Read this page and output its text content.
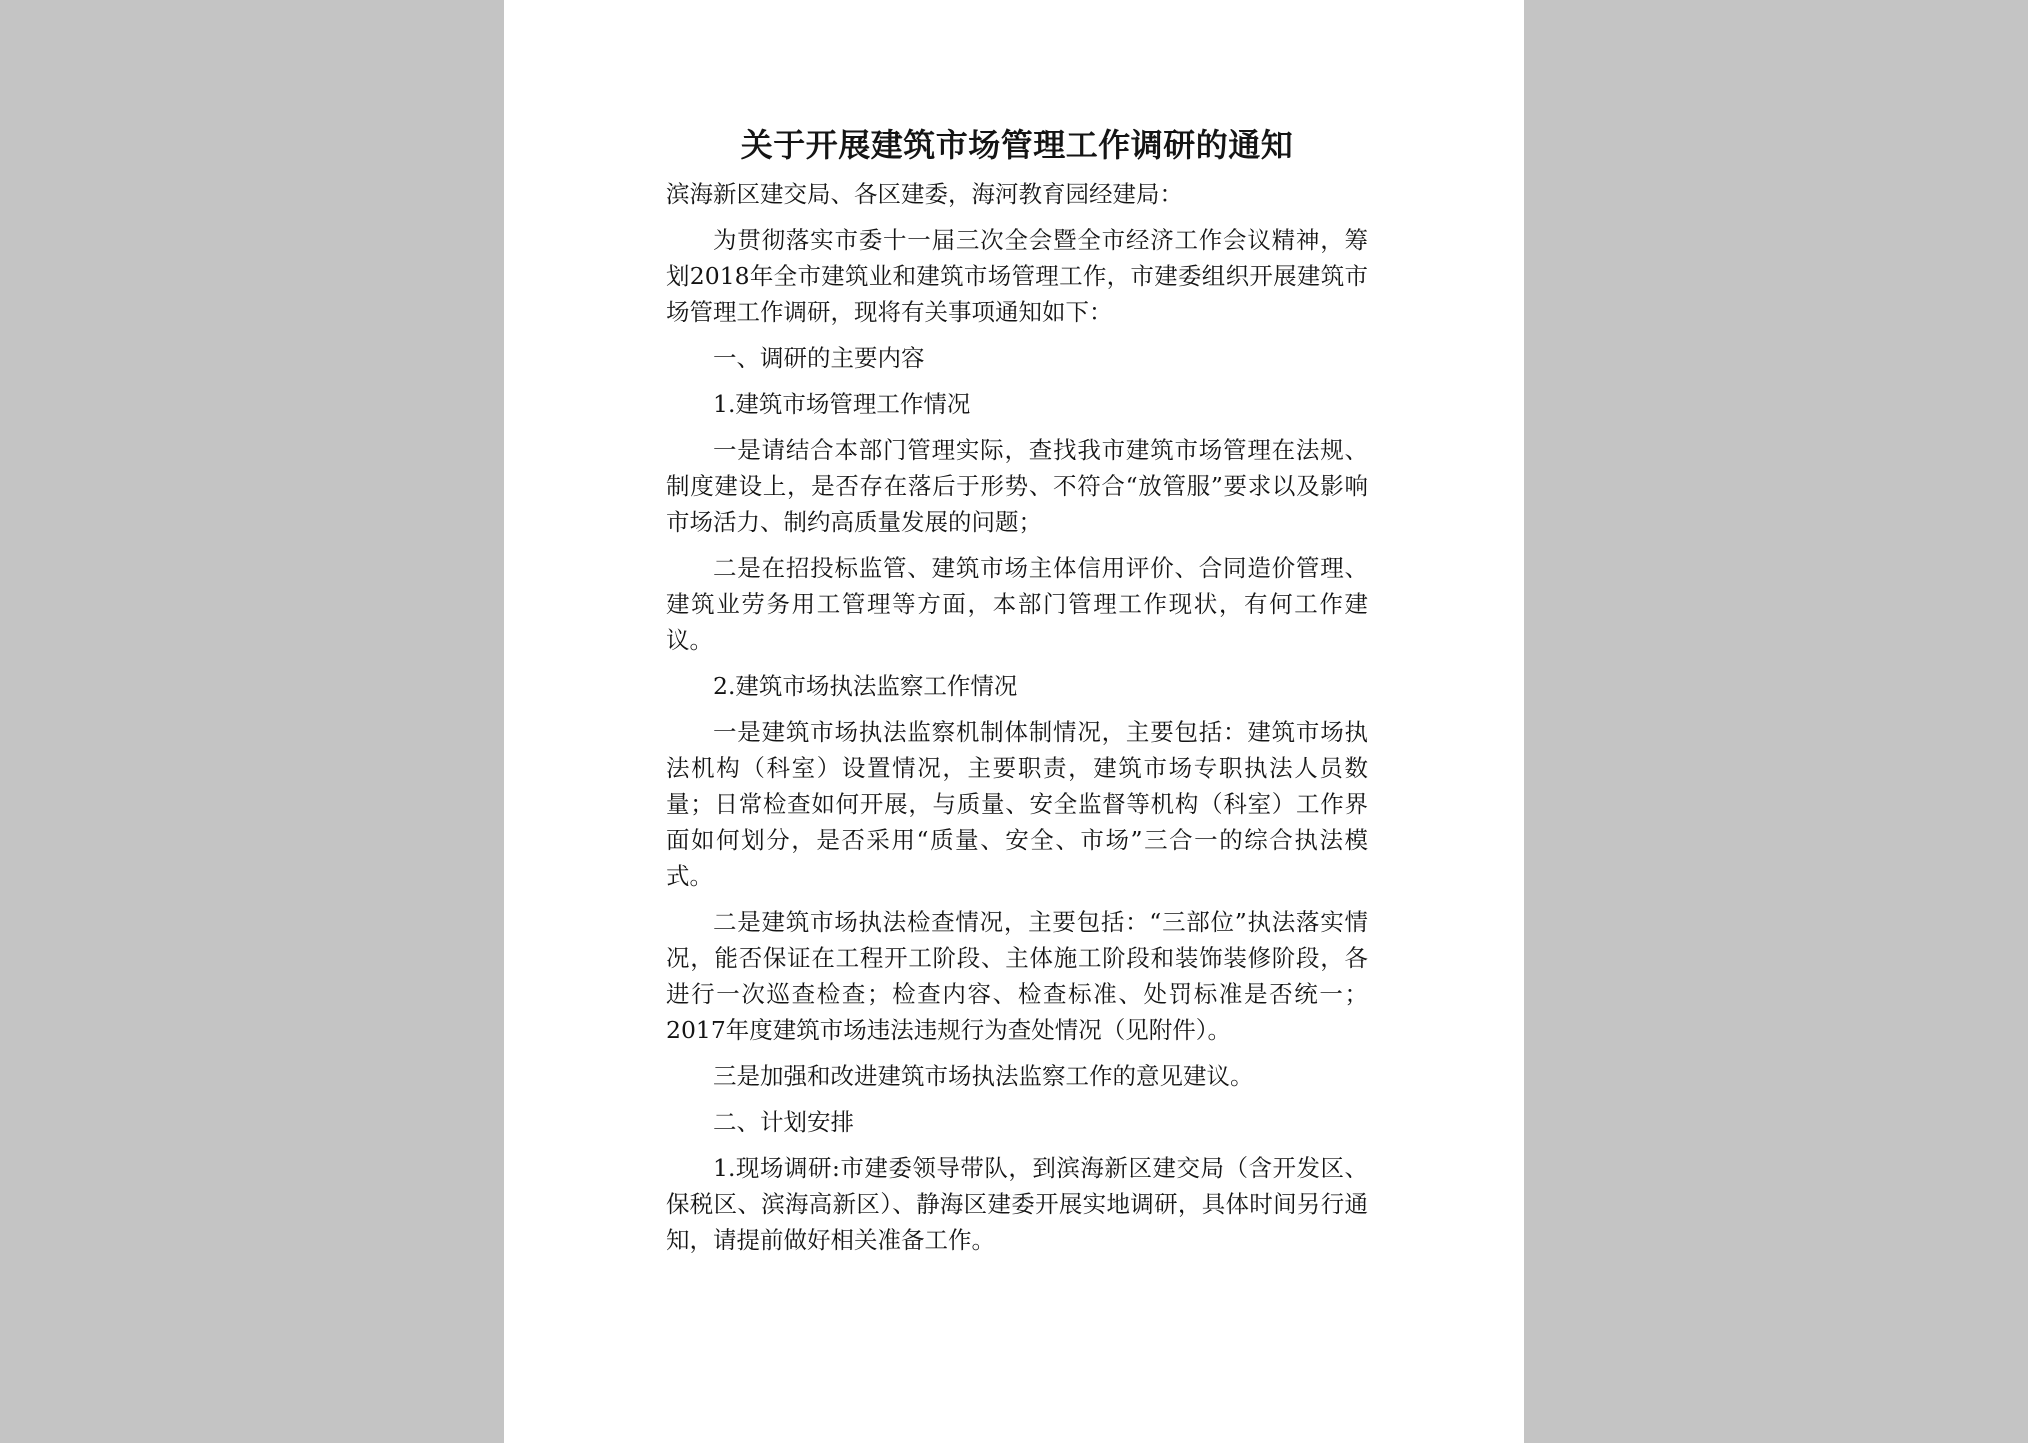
关于开展建筑市场管理工作调研的通知
滨海新区建交局、各区建委，海河教育园经建局：
为贯彻落实市委十一届三次全会暨全市经济工作会议精神，筹划2018年全市建筑业和建筑市场管理工作，市建委组织开展建筑市场管理工作调研，现将有关事项通知如下：
一、调研的主要内容
1.建筑市场管理工作情况
一是请结合本部门管理实际，查找我市建筑市场管理在法规、制度建设上，是否存在落后于形势、不符合“放管服”要求以及影响市场活力、制约高质量发展的问题；
二是在招投标监管、建筑市场主体信用评价、合同造价管理、建筑业劳务用工管理等方面，本部门管理工作现状，有何工作建议。
2.建筑市场执法监察工作情况
一是建筑市场执法监察机制体制情况，主要包括：建筑市场执法机构（科室）设置情况，主要职责，建筑市场专职执法人员数量；日常检查如何开展，与质量、安全监督等机构（科室）工作界面如何划分，是否采用“质量、安全、市场”三合一的综合执法模式。
二是建筑市场执法检查情况，主要包括：“三部位”执法落实情况，能否保证在工程开工阶段、主体施工阶段和装饰装修阶段，各进行一次巡查检查；检查内容、检查标准、处罚标准是否统一；2017年度建筑市场违法违规行为查处情况（见附件）。
三是加强和改进建筑市场执法监察工作的意见建议。
二、计划安排
1.现场调研:市建委领导带队，到滨海新区建交局（含开发区、保税区、滨海高新区）、静海区建委开展实地调研，具体时间另行通知，请提前做好相关准备工作。
